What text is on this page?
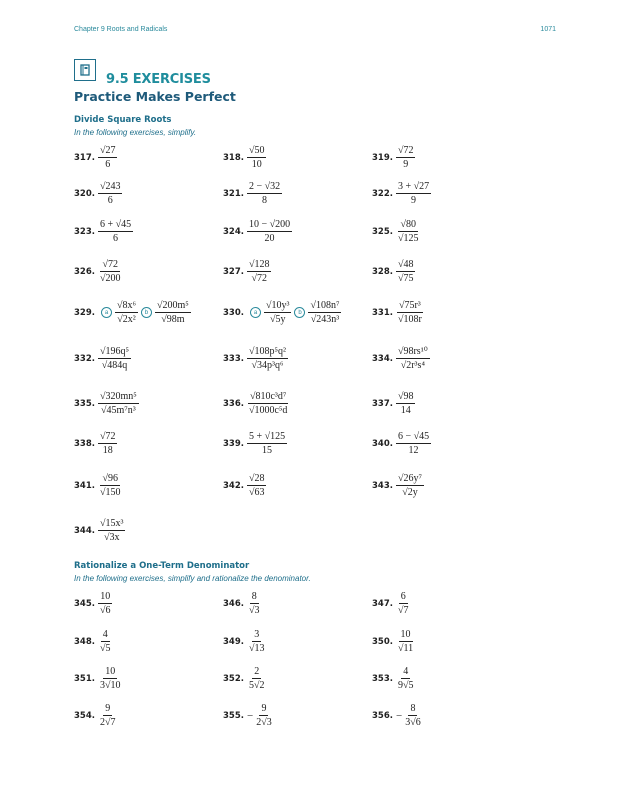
Chapter 9 Roots and Radicals	1071
9.5 EXERCISES
Practice Makes Perfect
Divide Square Roots
In the following exercises, simplify.
Rationalize a One-Term Denominator
In the following exercises, simplify and rationalize the denominator.
317. $\frac{√27}{6}$	318. $\frac{√50}{10}$	319. $\frac{√72}{9}$
320. $\frac{√243}{6}$	321. $\frac{2 - √32}{8}$	322. $\frac{3 + √27}{9}$
323. $\frac{6 + √45}{6}$	324. $\frac{10 - √200}{20}$	325. $\frac{√80}{√125}$
326. $\frac{√72}{√200}$	327. $\frac{√128}{√72}$	328. $\frac{√48}{√75}$
329.	a $\frac{\text{√8x⁶}}{\text{√2x²}}$	b $\frac{\text{√200m⁵}}{√98m}$	330.	a $\frac{\text{√10y³}}{√5y}$	b $\frac{\text{√108n⁷}}{\text{√243n³}}$	331. $\frac{\text{√75r³}}{√108r}$
332. $\frac{\text{√196q⁵}}{√484q}$	333. $\frac{\text{√108p⁵q²}}{\text{√34p³q⁶}}$	334. $\frac{\text{√98rs¹⁰}}{\text{√2r³s⁴}}$
335. $\frac{\text{√320mn⁵}}{\text{√45m⁷n³}}$	336. $\frac{\text{√810c³d⁷}}{\text{√1000c⁵d}}$	337. $\frac{√98}{14}$
338. $\frac{√72}{18}$	339. $\frac{5 + √125}{15}$	340. $\frac{6 - √45}{12}$
341. $\frac{√96}{√150}$	342. $\frac{√28}{√63}$	343. $\frac{\text{√26y⁷}}{√2y}$
344. $\frac{\text{√15x³}}{√3x}$
345. $\frac{10}{√6}$	346. $\frac{8}{√3}$	347. $\frac{6}{√7}$
348. $\frac{4}{√5}$	349. $\frac{3}{√13}$	350. $\frac{10}{√11}$
351. $\frac{10}{3√10}$	352. $\frac{2}{5√2}$	353. $\frac{4}{9√5}$
354. $\frac{9}{2√7}$	355. − $\frac{9}{2√3}$	356. − $\frac{8}{3√6}$
